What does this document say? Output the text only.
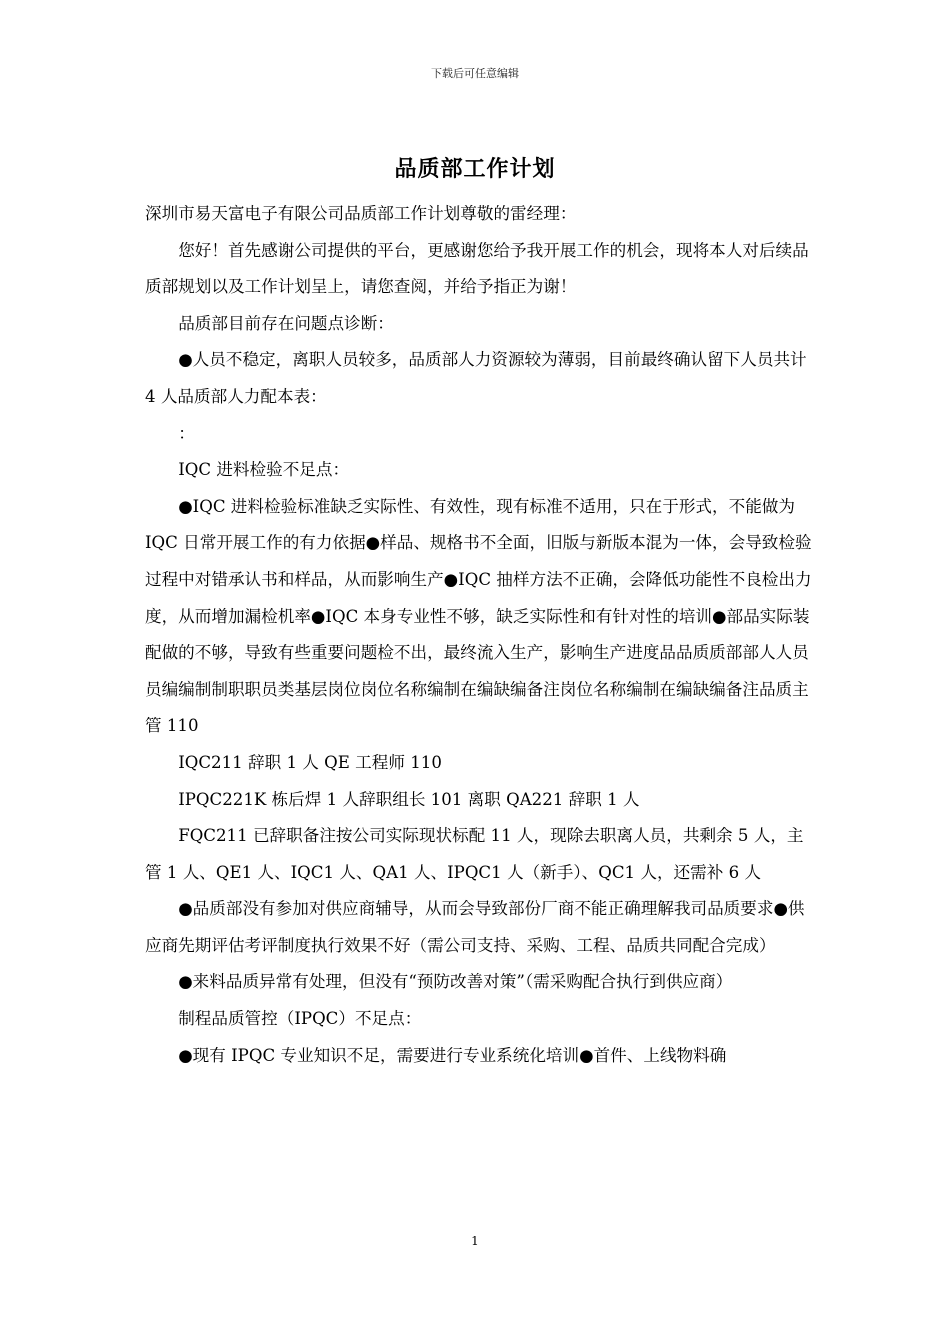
下载后可任意编辑
品质部工作计划

深圳市易天富电子有限公司品质部工作计划尊敬的雷经理：

您好！首先感谢公司提供的平台，更感谢您给予我开展工作的机会，现将本人对后续品质部规划以及工作计划呈上，请您查阅，并给予指正为谢！

品质部目前存在问题点诊断：

●人员不稳定，离职人员较多，品质部人力资源较为薄弱，目前最终确认留下人员共计 4 人品质部人力配本表：

：

IQC 进料检验不足点：

●IQC 进料检验标准缺乏实际性、有效性，现有标准不适用，只在于形式，不能做为 IQC 日常开展工作的有力依据●样品、规格书不全面，旧版与新版本混为一体，会导致检验过程中对错承认书和样品，从而影响生产●IQC 抽样方法不正确，会降低功能性不良检出力度，从而增加漏检机率●IQC 本身专业性不够，缺乏实际性和有针对性的培训●部品实际装配做的不够，导致有些重要问题检不出，最终流入生产，影响生产进度品品质质部部人人员员编编制制职职员类基层岗位岗位名称编制在编缺编备注岗位名称编制在编缺编备注品质主管 110

IQC211 辞职 1 人 QE 工程师 110

IPQC221K 栋后焊 1 人辞职组长 101 离职 QA221 辞职 1 人

FQC211 已辞职备注按公司实际现状标配 11 人，现除去职离人员，共剩余 5 人，主管 1 人、QE1 人、IQC1 人、QA1 人、IPQC1 人（新手）、QC1 人，还需补 6 人

●品质部没有参加对供应商辅导，从而会导致部份厂商不能正确理解我司品质要求●供应商先期评估考评制度执行效果不好（需公司支持、采购、工程、品质共同配合完成）

●来料品质异常有处理，但没有“预防改善对策”（需采购配合执行到供应商）

制程品质管控（IPQC）不足点：

●现有 IPQC 专业知识不足，需要进行专业系统化培训●首件、上线物料确

1
